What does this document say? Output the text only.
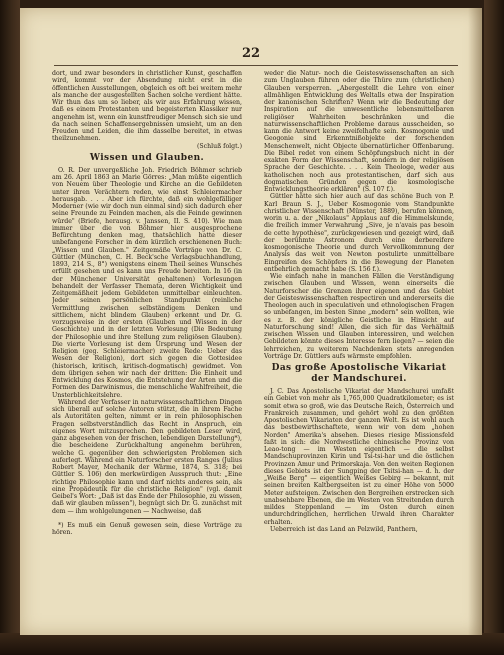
22

dort, und zwar besonders in christlicher Kunst, geschaffen wird, kommt vor der Absendung nicht erst in die öffentlichen Ausstellungen, obgleich es oft bei weitem mehr als manche der ausgestellten Sachen solche verdient hätte. Wir thun das um so lieber, als wir aus Erfahrung wissen, daß es einem Protestanten und begeisterten Klassiker nur angenehm ist, wenn ein kunstfreudiger Mensch sich sie und da nach seinen Schaffensergebnissen umsieht, um an den Freuden und Leiden, die ihm dasselbe bereitet, in etwas theilzunehmen.

(Schluß folgt.)

Wissen und Glauben.

O. R. Der unvergeßliche Joh. Friedrich Böhmer schrieb am 26. April 1863 an Marie Görres: „Man müßte eigentlich von Neuem über Theologie und Kirche an die Gebildeten unter ihren Verächtern reden, wie einst Schleiermacher herausgab. . . . Aber ich fürchte, daß ein wohlgefälliger Moderner (wie wir doch nun einmal sind) sich dadurch eher seine Freunde zu Feinden machen, als die Feinde gewinnen würde" (Briefe, herausg. v. Janssen, II. S. 410). Wie man immer über die von Böhmer hier ausgesprochene Befürchtung denken mag, thatsächlich hatte dieser unbefangene Forscher in dem kürzlich erschienenen Buch: „Wissen und Glauben." Zeitgemäße Vorträge von Dr. C. Güttler (München, C. H. Beck'sche Verlagsbuchhandlung, 1893, 214 S., 8°) wenigstens einem Theil seines Wunsches erfüllt gesehen und es kann uns Freude bereiten. In 16 (in der Münchener Universität gehaltenen) Vorlesungen behandelt der Verfasser Themata, deren Wichtigkeit und Zeitgemäßheit jedem Gebildeten unmittelbar einleuchten. Jeder seinen persönlichen Standpunkt (reinliche Vermittlung zwischen selbständigem Denken und sittlichem, nicht blindem Glauben) erkennt und Dr. G. vorzugsweise in der ersten (Glauben und Wissen in der Geschichte) und in der letzten Vorlesung (Die Bedeutung der Philosophie und ihre Stellung zum religiösen Glauben). Die vierte Vorlesung ist dem Ursprung und Wesen der Religion (geg. Schleiermacher) zweite Rede: Ueber das Wesen der Religion), dort sich gegen die Gottesidee (historisch, kritisch, kritisch-dogmatisch) gewidmet. Von dem übrigen sehen wir nach der dritten: Die Einheit und Entwicklung des Kosmos, die Entstehung der Arten und die Formen des Darwinismus, die menschliche Wahlfreiheit, die Unsterblichkeitslehre.

Während der Verfasser in naturwissenschaftlichen Dingen sich überall auf solche Autoren stützt, die in ihrem Fache als Autoritäten gelten, nimmt er in rein philosophischen Fragen selbstverständlich das Recht in Anspruch, ein eigenes Wort mitzusprechen. Den gebildeten Leser wird, ganz abgesehen von der frischen, lebendigen Darstellung*), die bescheidene Zurückhaltung angenehm berühren, welche G. gegenüber den schwierigsten Problemen sich auferlegt. Während ein Naturforscher ersten Ranges (Julius Robert Mayer, Mechanik der Wärme, 1874, S. 318; bei Güttler S. 106) den merkwürdigen Ausspruch thut: „Eine richtige Philosophie kann und darf nichts anderes sein, als eine Propädeutik für die christliche Religion" (vgl. damit Geibel's Wort: „Daß ist das Ende der Philosophie, zu wissen, daß wir glauben müssen"), begnügt sich Dr. G. zunächst mit dem — ihm wohlgelungenen — Nachweise, daß

*) Es muß ein Genuß gewesen sein, diese Vorträge zu hören.

weder die Natur- noch die Geisteswissenschaften an sich zum Unglauben führen oder die Thüre zum (christlichen) Glauben versperren. „Abergestellt die Lehre von einer allmähligen Entwicklung des Weltalls etwa der Inspiration der kanonischen Schriften? Wenn wir die Bedeutung der Inspiration auf die unwesentliche lebensmittelbaren religiöser Wahrheiten beschränken und die naturwissenschaftlichen Probleme daraus ausscheiden, so kann die Antwort keine zweifelhafte sein. Kosmogonie und Geogonie sind Erkenntnißobjekte der forschenden Menschenwelt, nicht Objecte übernatürlicher Offenbarung. Die Bibel redet von einem Schöpfungsbuch nicht in der exakten Form der Wissenschaft, sondern in der religiösen Sprache der Geschichte. . . . Kein Theologe, weder aus katholischen noch aus protestantischen, darf sich aus dogmatischen Gründen gegen die kosmologische Entwicklungstheorie erklären" (S. 107 f.).

Güttler hätte sich hier auch auf das schöne Buch von P. Karl Braun S. J., Ueber Kosmogonie vom Standpunkte christlicher Wissenschaft (Münster, 1889), berufen können, worin u. a. der „Nikolaus" Applaus auf die Himmelskunde, die freilich immer Verwahrung „Sive, je n'avais pas besoin de cette hypothèse", zurückgewiesen und gezeigt wird, daß der berühmte Astronom durch eine derbereifere kosmogonische Theorie und durch Vervollkommnung der Analysis das weit von Newton postulirte unmittelbare Eingreifen des Schöpfers in die Bewegung der Planeten entbehrlich gemacht habe (S. 156 f.).

Wie einfach nahe in manchen Fällen die Verständigung zwischen Glauben und Wissen, wenn einerseits die Naturforscher die Grenzen ihrer eigenen und das Gebiet der Geisteswissenschaften respectiren und andererseits die Theologen auch in speculativen und ethnologischen Fragen so unbefangen, im besten Sinne „modern" sein wollten, wie es z. B. der königliche Geistliche in Hinsicht auf Naturforschung sind! Allen, die sich für das Verhältniß zwischen Wissen und Glauben interessiren, und welchen Gebildeten könnte dieses Interesse fern liegen? — seien die lehrreichen, zu weiterem Nachdenken stets anregenden Vorträge Dr. Güttlers aufs wärmste empfohlen.

Das große Apostolische Vikariat der Mandschurei.

J. C. Das Apostolische Vikariat der Mandschurei umfaßt ein Gebiet von mehr als 1,765,000 Quadratkilometer; es ist somit etwa so groß, wie das Deutsche Reich, Österreich und Frankreich zusammen, und gehört wohl zu den größten Apostolischen Vikariaten der ganzen Welt. Es ist wohl auch das bestbewirthschaftete, wenn wir von dem „hohen Norden" Amerika's absehen. Dieses riesige Missionsfeld faßt in sich: die Nordwestliche chinesische Provinz von Leao-tong — im Westen eigentlich — die selbst Mandschuprovinzen Kirin und Tsi-tsi-har und die östlichen Provinzen Amur und Primorskaja. Von den weiten Regionen dieses Gebiets ist der Sungping der Tsitsi-han — d. h. der „Weiße Berg" — eigentlich Weißes Gebirg — bekannt, mit seinen breiten Kaltbergseiten ist zu einer Höhe von 5000 Meter aufsteigen. Zwischen den Bergreihen erstrecken sich unabsehbare Ebenen, die im Westen von Streitenden durch mildes Steppenland — im Osten durch einen undurchdringlichen, herrlichen Urwald ihren Charakter erhalten.

Ueberreich ist das Land an Pelzwild, Panthern,
